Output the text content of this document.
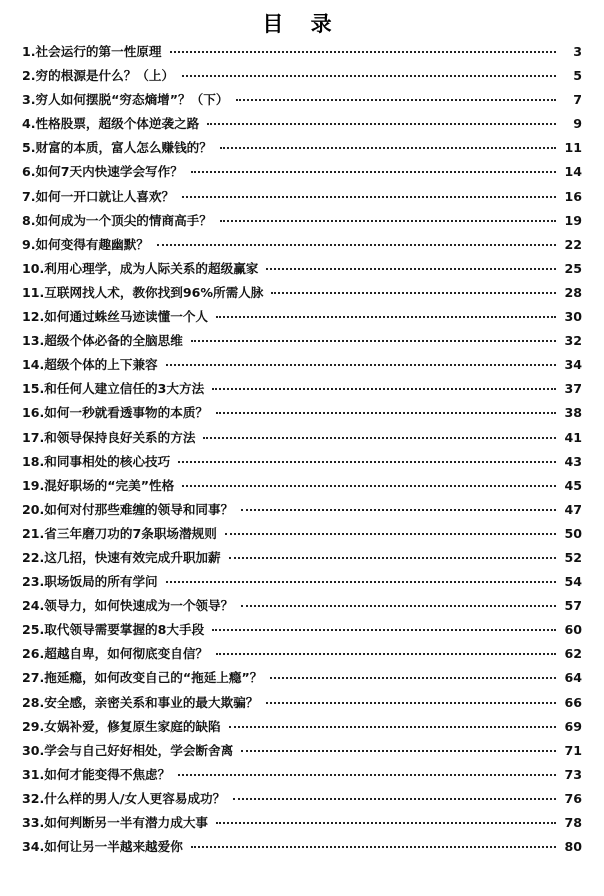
目 录
1.社会运行的第一性原理	3
2.穷的根源是什么？（上）	5
3.穷人如何摆脱“穷态熵增”？（下）	7
4.性格股票，超级个体逆袭之路	9
5.财富的本质，富人怎么赚钱的？	11
6.如何7天内快速学会写作？	14
7.如何一开口就让人喜欢？	16
8.如何成为一个顶尖的情商高手？	19
9.如何变得有趣幽默？	22
10.利用心理学，成为人际关系的超级赢家	25
11.互联网找人术，教你找到96%所需人脉	28
12.如何通过蛛丝马迹读懂一个人	30
13.超级个体必备的全脑思维	32
14.超级个体的上下兼容	34
15.和任何人建立信任的3大方法	37
16.如何一秒就看透事物的本质？	38
17.和领导保持良好关系的方法	41
18.和同事相处的核心技巧	43
19.混好职场的“完美”性格	45
20.如何对付那些难缠的领导和同事？	47
21.省三年磨刀功的7条职场潜规则	50
22.这几招，快速有效完成升职加薪	52
23.职场饭局的所有学问	54
24.领导力，如何快速成为一个领导？	57
25.取代领导需要掌握的8大手段	60
26.超越自卑，如何彻底变自信？	62
27.拖延瘾，如何改变自己的“拖延上瘾”？	64
28.安全感，亲密关系和事业的最大欺骗？	66
29.女娲补爱，修复原生家庭的缺陷	69
30.学会与自己好好相处，学会断舍离	71
31.如何才能变得不焦虑？	73
32.什么样的男人/女人更容易成功？	76
33.如何判断另一半有潜力成大事	78
34.如何让另一半越来越爱你	80
